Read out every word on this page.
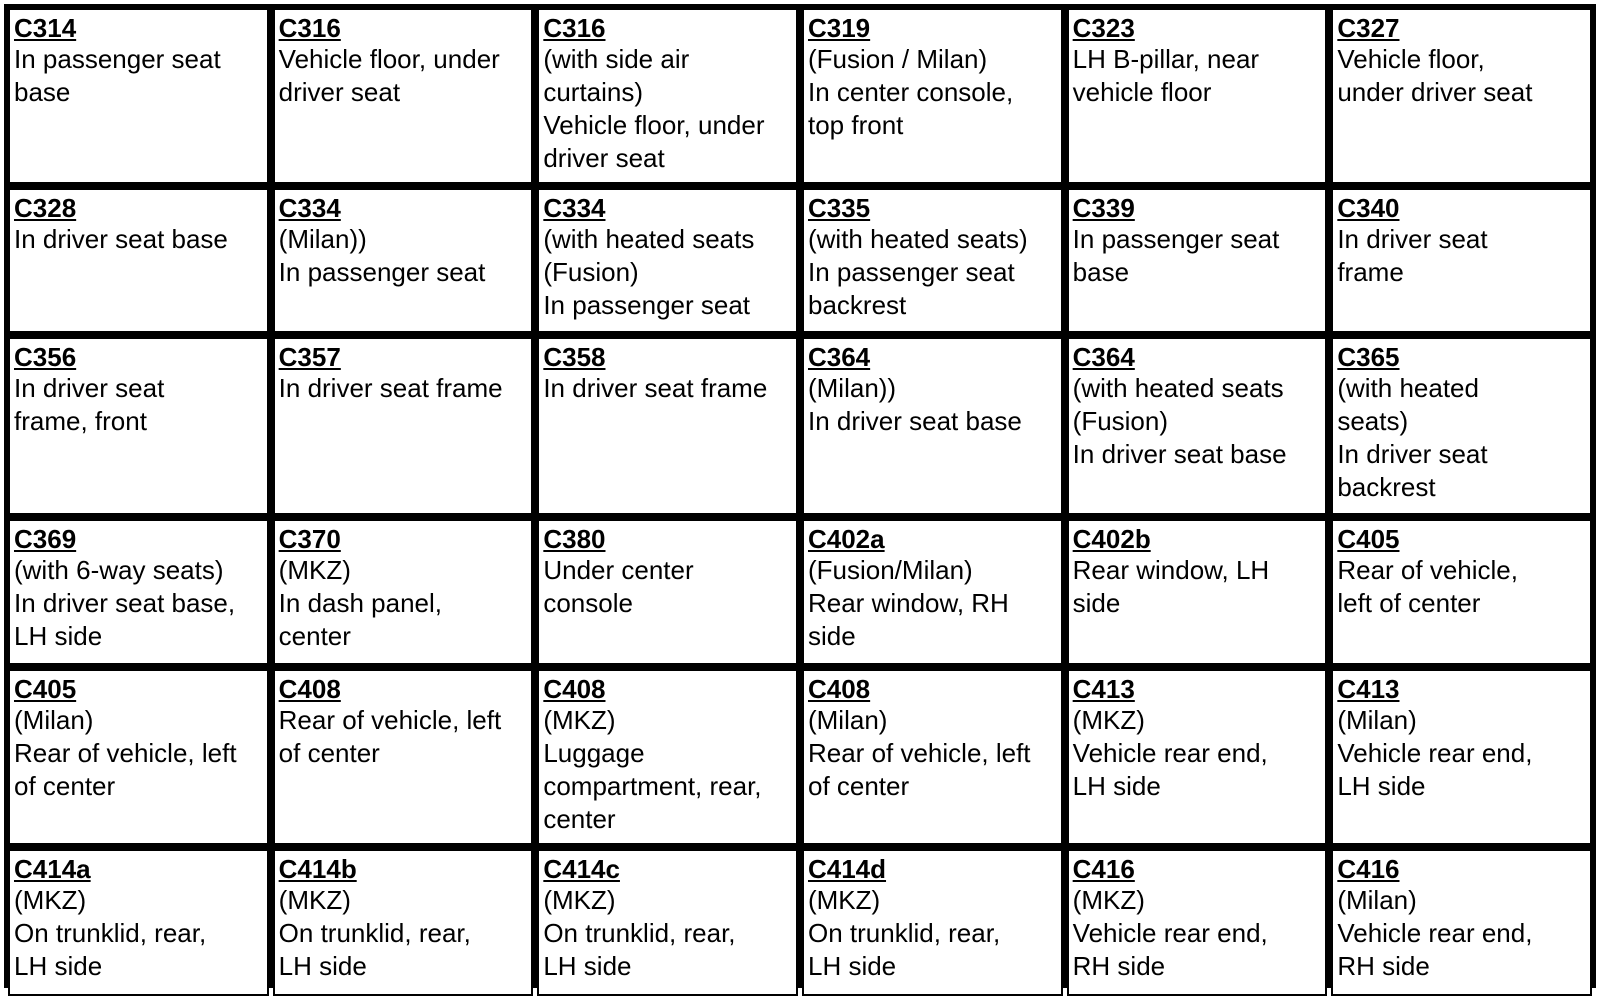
C314
In passenger seat
base
C316
Vehicle floor, under
driver seat
C316
(with side air
curtains)
Vehicle floor, under
driver seat
C319
(Fusion / Milan)
In center console,
top front
C323
LH B-pillar, near
vehicle floor
C327
Vehicle floor,
under driver seat
C328
In driver seat base
C334
(Milan))
In passenger seat
C334
(with heated seats
(Fusion)
In passenger seat
C335
(with heated seats)
In passenger seat
backrest
C339
In passenger seat
base
C340
In driver seat
frame
C356
In driver seat
frame, front
C357
In driver seat frame
C358
In driver seat frame
C364
(Milan))
In driver seat base
C364
(with heated seats
(Fusion)
In driver seat base
C365
(with heated
seats)
In driver seat
backrest
C369
(with 6-way seats)
In driver seat base,
LH side
C370
(MKZ)
In dash panel,
center
C380
Under center
console
C402a
(Fusion/Milan)
Rear window, RH
side
C402b
Rear window, LH
side
C405
Rear of vehicle,
left of center
C405
(Milan)
Rear of vehicle, left
of center
C408
Rear of vehicle, left
of center
C408
(MKZ)
Luggage
compartment, rear,
center
C408
(Milan)
Rear of vehicle, left
of center
C413
(MKZ)
Vehicle rear end,
LH side
C413
(Milan)
Vehicle rear end,
LH side
C414a
(MKZ)
On trunklid, rear,
LH side
C414b
(MKZ)
On trunklid, rear,
LH side
C414c
(MKZ)
On trunklid, rear,
LH side
C414d
(MKZ)
On trunklid, rear,
LH side
C416
(MKZ)
Vehicle rear end,
RH side
C416
(Milan)
Vehicle rear end,
RH side
